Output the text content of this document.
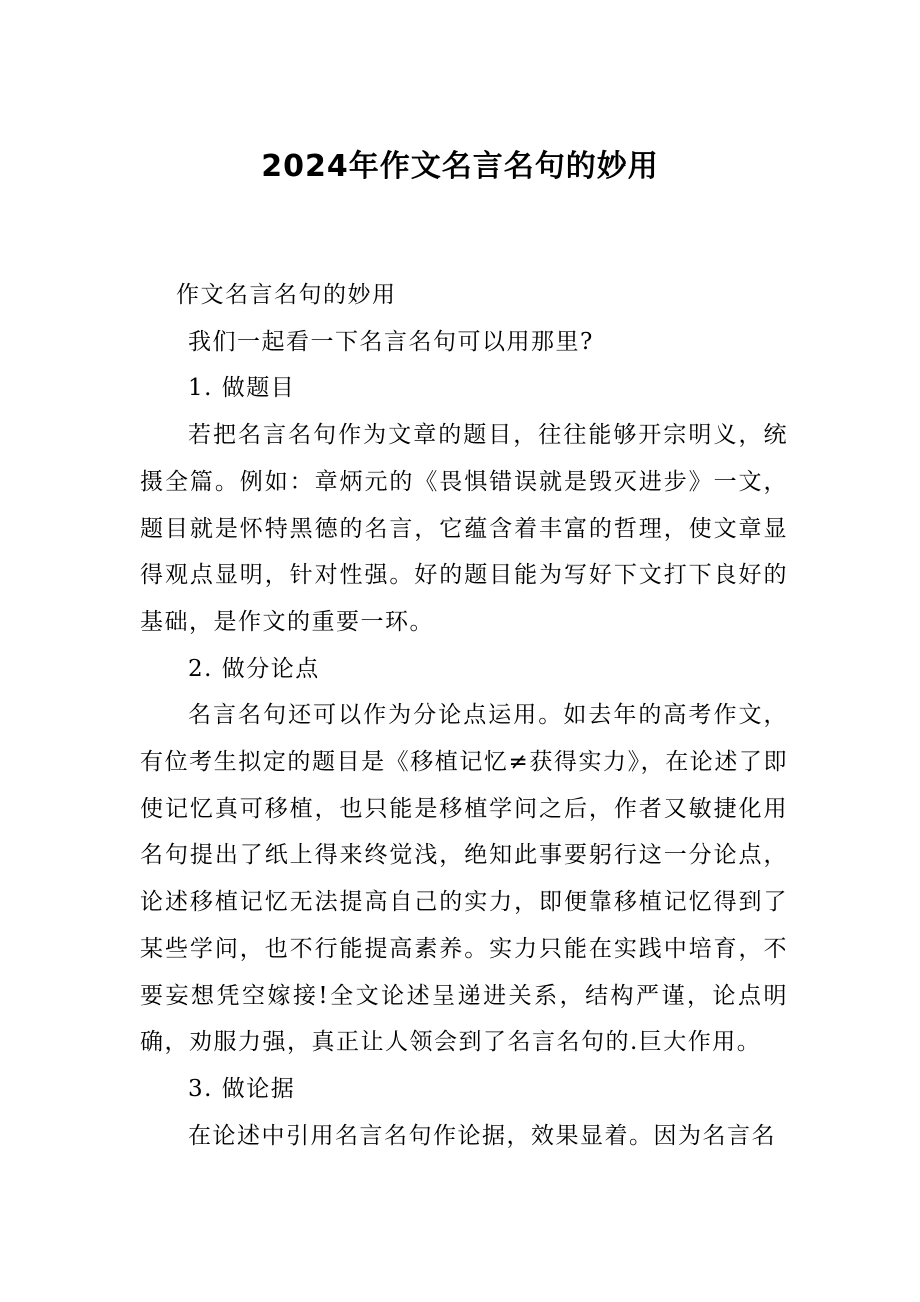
2024年作文名言名句的妙用

作文名言名句的妙用

我们一起看一下名言名句可以用那里?

1. 做题目

若把名言名句作为文章的题目，往往能够开宗明义，统摄全篇。例如：章炳元的《畏惧错误就是毁灭进步》一文，题目就是怀特黑德的名言，它蕴含着丰富的哲理，使文章显得观点显明，针对性强。好的题目能为写好下文打下良好的基础，是作文的重要一环。

2. 做分论点

名言名句还可以作为分论点运用。如去年的高考作文，有位考生拟定的题目是《移植记忆≠获得实力》，在论述了即使记忆真可移植，也只能是移植学问之后，作者又敏捷化用名句提出了纸上得来终觉浅，绝知此事要躬行这一分论点，论述移植记忆无法提高自己的实力，即便靠移植记忆得到了某些学问，也不行能提高素养。实力只能在实践中培育，不要妄想凭空嫁接!全文论述呈递进关系，结构严谨，论点明确，劝服力强，真正让人领会到了名言名句的.巨大作用。

3. 做论据

在论述中引用名言名句作论据，效果显着。因为名言名
